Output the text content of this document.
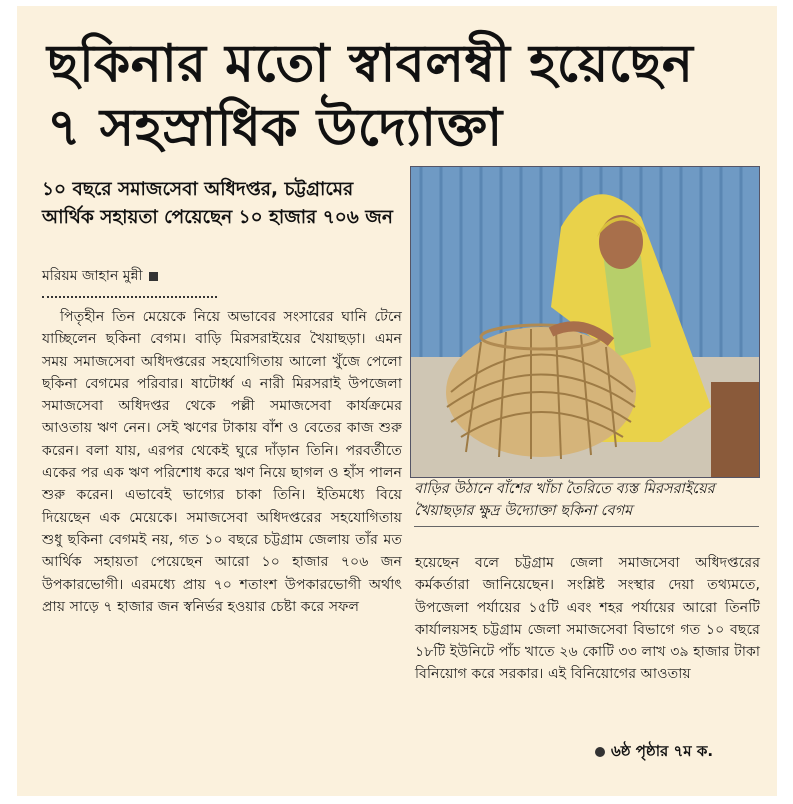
ছকিনার মতো স্বাবলম্বী হয়েছেন
৭ সহস্রাধিক উদ্যোক্তা
১০ বছরে সমাজসেবা অধিদপ্তর, চট্টগ্রামের আর্থিক সহায়তা পেয়েছেন ১০ হাজার ৭০৬ জন
মরিয়ম জাহান মুন্নী
পিতৃহীন তিন মেয়েকে নিয়ে অভাবের সংসারের ঘানি টেনে যাচ্ছিলেন ছকিনা বেগম। বাড়ি মিরসরাইয়ের খৈয়াছড়া। এমন সময় সমাজসেবা অধিদপ্তরের সহযোগিতায় আলো খুঁজে পেলো ছকিনা বেগমের পরিবার। ষাটোর্ধ্ব এ নারী মিরসরাই উপজেলা সমাজসেবা অধিদপ্তর থেকে পল্লী সমাজসেবা কার্যক্রমের আওতায় ঋণ নেন। সেই ঋণের টাকায় বাঁশ ও বেতের কাজ শুরু করেন। বলা যায়, এরপর থেকেই ঘুরে দাঁড়ান তিনি। পরবর্তীতে একের পর এক ঋণ পরিশোধ করে ঋণ নিয়ে ছাগল ও হাঁস পালন শুরু করেন। এভাবেই ভাগ্যের চাকা তিনি। ইতিমধ্যে বিয়ে দিয়েছেন এক মেয়েকে। সমাজসেবা অধিদপ্তরের সহযোগিতায় শুধু ছকিনা বেগমই নয়, গত ১০ বছরে চট্টগ্রাম জেলায় তাঁর মত আর্থিক সহায়তা পেয়েছেন আরো ১০ হাজার ৭০৬ জন উপকারভোগী। এরমধ্যে প্রায় ৭০ শতাংশ উপকারভোগী অর্থাৎ প্রায় সাড়ে ৭ হাজার জন স্বনির্ভর হওয়ার চেষ্টা করে সফল
বাড়ির উঠানে বাঁশের খাঁচা তৈরিতে ব্যস্ত মিরসরাইয়ের খৈয়াছড়ার ক্ষুদ্র উদ্যোক্তা ছকিনা বেগম
হয়েছেন বলে চট্টগ্রাম জেলা সমাজসেবা অধিদপ্তরের কর্মকর্তারা জানিয়েছেন। সংশ্লিষ্ট সংস্থার দেয়া তথ্যমতে, উপজেলা পর্যায়ের ১৫টি এবং শহর পর্যায়ের আরো তিনটি কার্যালয়সহ চট্টগ্রাম জেলা সমাজসেবা বিভাগে গত ১০ বছরে ১৮টি ইউনিটে পাঁচ খাতে ২৬ কোটি ৩৩ লাখ ৩৯ হাজার টাকা বিনিয়োগ করে সরকার। এই বিনিয়োগের আওতায়
৬ষ্ঠ পৃষ্ঠার ৭ম ক.
